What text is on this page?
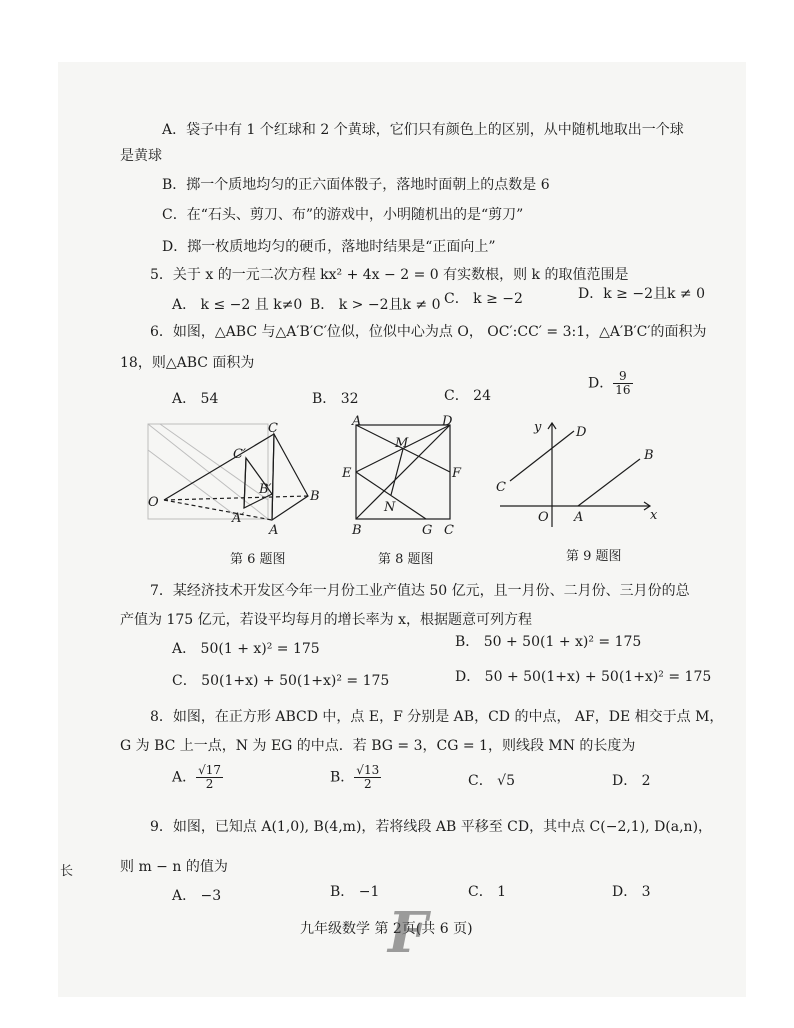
A．袋子中有 1 个红球和 2 个黄球，它们只有颜色上的区别，从中随机地取出一个球
是黄球
B．掷一个质地均匀的正六面体骰子，落地时面朝上的点数是 6
C．在“石头、剪刀、布”的游戏中，小明随机出的是“剪刀”
D．掷一枚质地均匀的硬币，落地时结果是“正面向上”
5．关于 x 的一元二次方程 kx² + 4x − 2 = 0 有实数根，则 k 的取值范围是
A． k ≤ −2 且 k≠0 B． k > −2且k ≠ 0 C． k ≥ −2	D．k ≥ −2且k ≠ 0
6．如图，△ABC 与△A′B′C′位似，位似中心为点 O， OC′:CC′ = 3:1，△A′B′C′的面积为
18，则△ABC 面积为
A． 54	B． 32	C． 24
D． $\frac{9}{16}$
C
C′
B′
O
A′
B
A
第 6 题图
A
M
D
E	F
N
B	G C
第 8 题图
y	D
B
C
O A	x
第 9 题图
7．某经济技术开发区今年一月份工业产值达 50 亿元，且一月份、二月份、三月份的总
产值为 175 亿元，若设平均每月的增长率为 x，根据题意可列方程
A． 50(1 + x)² = 175	B． 50 + 50(1 + x)² = 175
C． 50(1+x) + 50(1+x)² = 175	D． 50 + 50(1+x) + 50(1+x)² = 175
8．如图，在正方形 ABCD 中，点 E，F 分别是 AB，CD 的中点， AF，DE 相交于点 M，
G 为 BC 上一点，N 为 EG 的中点．若 BG = 3，CG = 1，则线段 MN 的长度为
A． $\frac{√17}{2}$	B． $\frac{√13}{2}$	C． √5	D． 2
9．如图，已知点 A(1,0), B(4,m)，若将线段 AB 平移至 CD，其中点 C(−2,1), D(a,n)，
则 m − n 的值为
A． −3	B． −1	C． 1	D． 3
长
九年级数学 第 2页(共 6 页)
F
